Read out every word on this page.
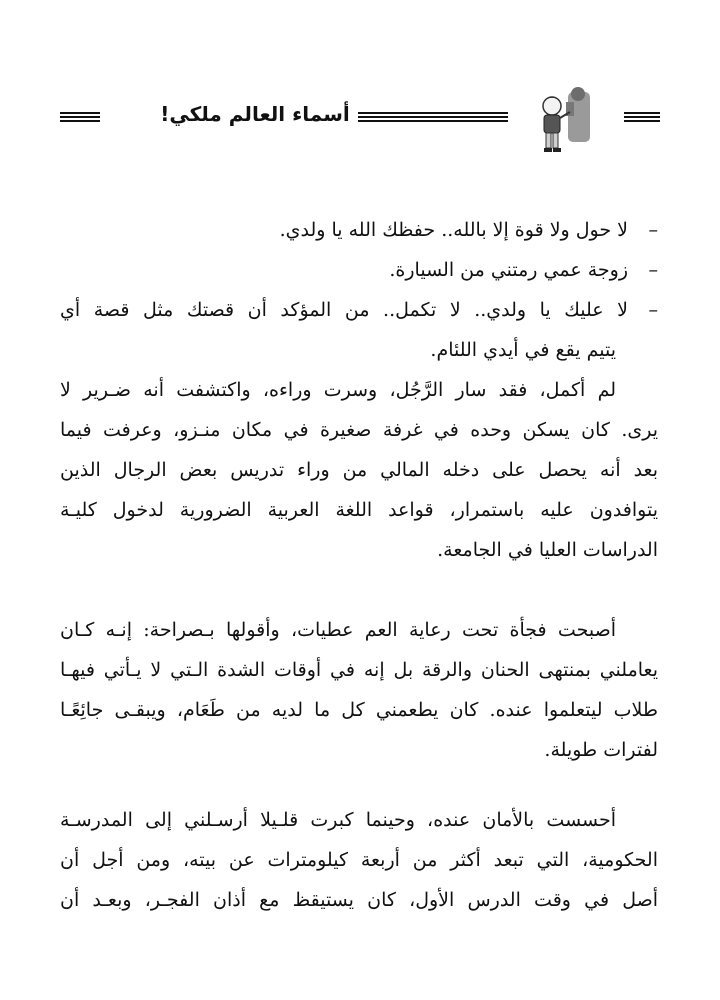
أسماء العالم ملكي!
–لا حول ولا قوة إلا بالله.. حفظك الله يا ولدي.
–زوجة عمي رمتني من السيارة.
–لا عليك يا ولدي.. لا تكمل.. من المؤكد أن قصتك مثل قصة أي
يتيم يقع في أيدي اللئام.
لم أكمل، فقد سار الرَّجُل، وسرت وراءه، واكتشفت أنه ضـرير لا
يرى. كان يسكن وحده في غرفة صغيرة في مكان منـزو، وعرفت فيما
بعد أنه يحصل على دخله المالي من وراء تدريس بعض الرجال الذين
يتوافدون عليه باستمرار، قواعد اللغة العربية الضرورية لدخول كليـة
الدراسات العليا في الجامعة.
أصبحت فجأة تحت رعاية العم عطيات، وأقولها بـصراحة: إنـه كـان
يعاملني بمنتهى الحنان والرقة بل إنه في أوقات الشدة الـتي لا يـأتي فيهـا
طلاب ليتعلموا عنده. كان يطعمني كل ما لديه من طَعَام، ويبقـى جائِعًـا
لفترات طويلة.
أحسست بالأمان عنده، وحينما كبرت قلـيلا أرسـلني إلى المدرسـة
الحكومية، التي تبعد أكثر من أربعة كيلومترات عن بيته، ومن أجل أن
أصل في وقت الدرس الأول، كان يستيقظ مع أذان الفجـر، وبعـد أن
